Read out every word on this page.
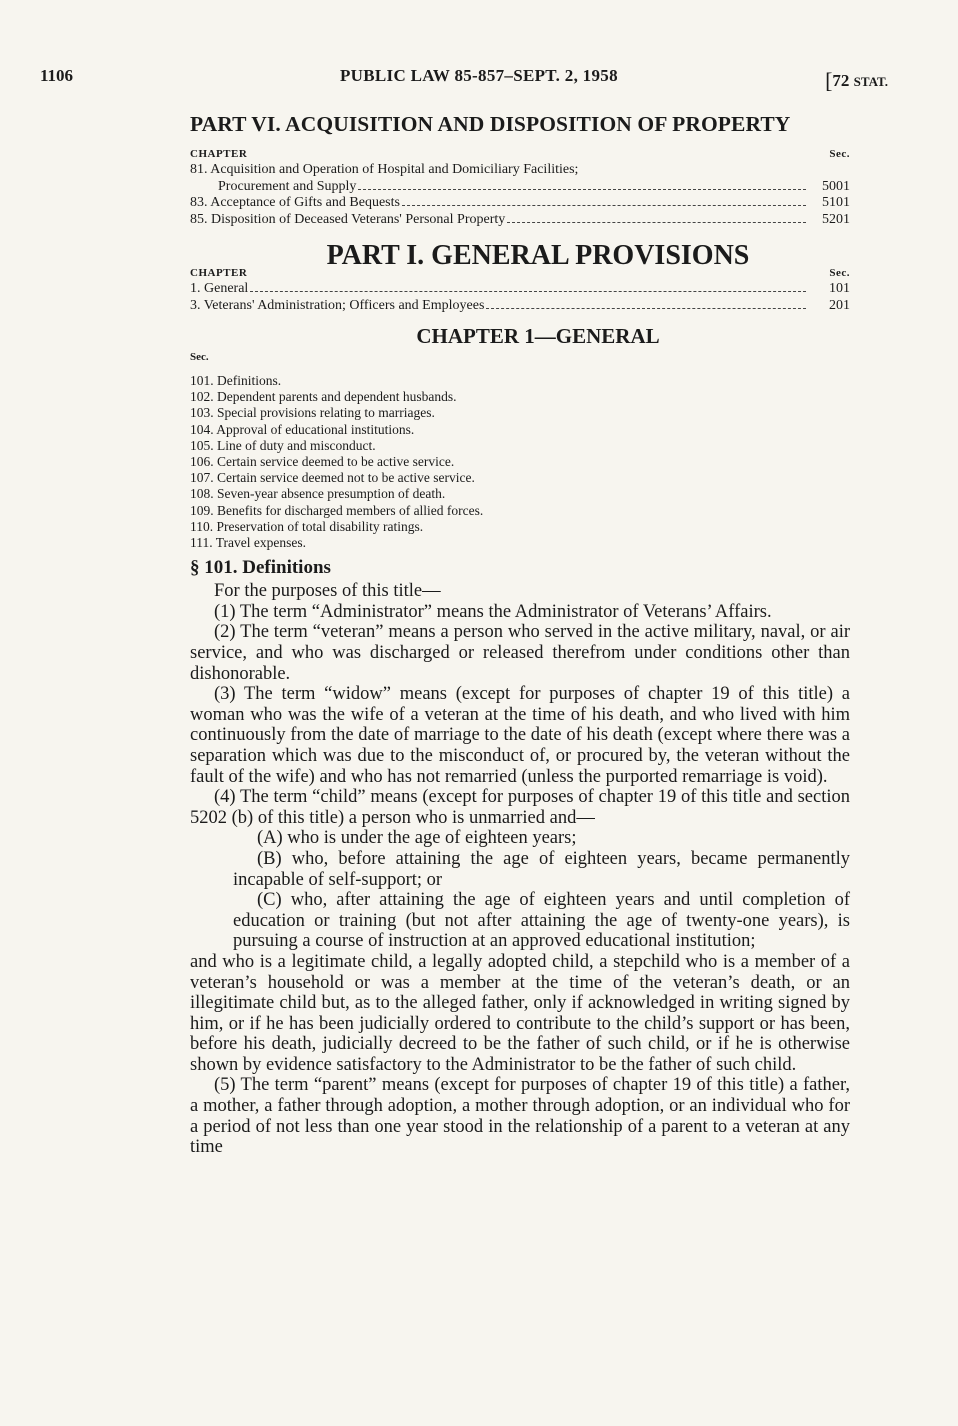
1106	PUBLIC LAW 85-857–SEPT. 2, 1958	[72 STAT.
PART VI. ACQUISITION AND DISPOSITION OF PROPERTY
CHAPTER	Sec.
81. Acquisition and Operation of Hospital and Domiciliary Facilities;
Procurement and Supply	5001
83. Acceptance of Gifts and Bequests	5101
85. Disposition of Deceased Veterans' Personal Property	5201
PART I. GENERAL PROVISIONS
CHAPTER	Sec.
1. General	101
3. Veterans' Administration; Officers and Employees	201
CHAPTER 1—GENERAL
Sec.
101. Definitions.
102. Dependent parents and dependent husbands.
103. Special provisions relating to marriages.
104. Approval of educational institutions.
105. Line of duty and misconduct.
106. Certain service deemed to be active service.
107. Certain service deemed not to be active service.
108. Seven-year absence presumption of death.
109. Benefits for discharged members of allied forces.
110. Preservation of total disability ratings.
111. Travel expenses.
§ 101. Definitions

For the purposes of this title—

(1) The term “Administrator” means the Administrator of Veterans’ Affairs.

(2) The term “veteran” means a person who served in the active military, naval, or air service, and who was discharged or released therefrom under conditions other than dishonorable.

(3) The term “widow” means (except for purposes of chapter 19 of this title) a woman who was the wife of a veteran at the time of his death, and who lived with him continuously from the date of marriage to the date of his death (except where there was a separation which was due to the misconduct of, or procured by, the veteran without the fault of the wife) and who has not remarried (unless the purported remarriage is void).

(4) The term “child” means (except for purposes of chapter 19 of this title and section 5202 (b) of this title) a person who is unmarried and—

(A) who is under the age of eighteen years;

(B) who, before attaining the age of eighteen years, became permanently incapable of self-support; or

(C) who, after attaining the age of eighteen years and until completion of education or training (but not after attaining the age of twenty-one years), is pursuing a course of instruction at an approved educational institution;

and who is a legitimate child, a legally adopted child, a stepchild who is a member of a veteran’s household or was a member at the time of the veteran’s death, or an illegitimate child but, as to the alleged father, only if acknowledged in writing signed by him, or if he has been judicially ordered to contribute to the child’s support or has been, before his death, judicially decreed to be the father of such child, or if he is otherwise shown by evidence satisfactory to the Administrator to be the father of such child.

(5) The term “parent” means (except for purposes of chapter 19 of this title) a father, a mother, a father through adoption, a mother through adoption, or an individual who for a period of not less than one year stood in the relationship of a parent to a veteran at any time
